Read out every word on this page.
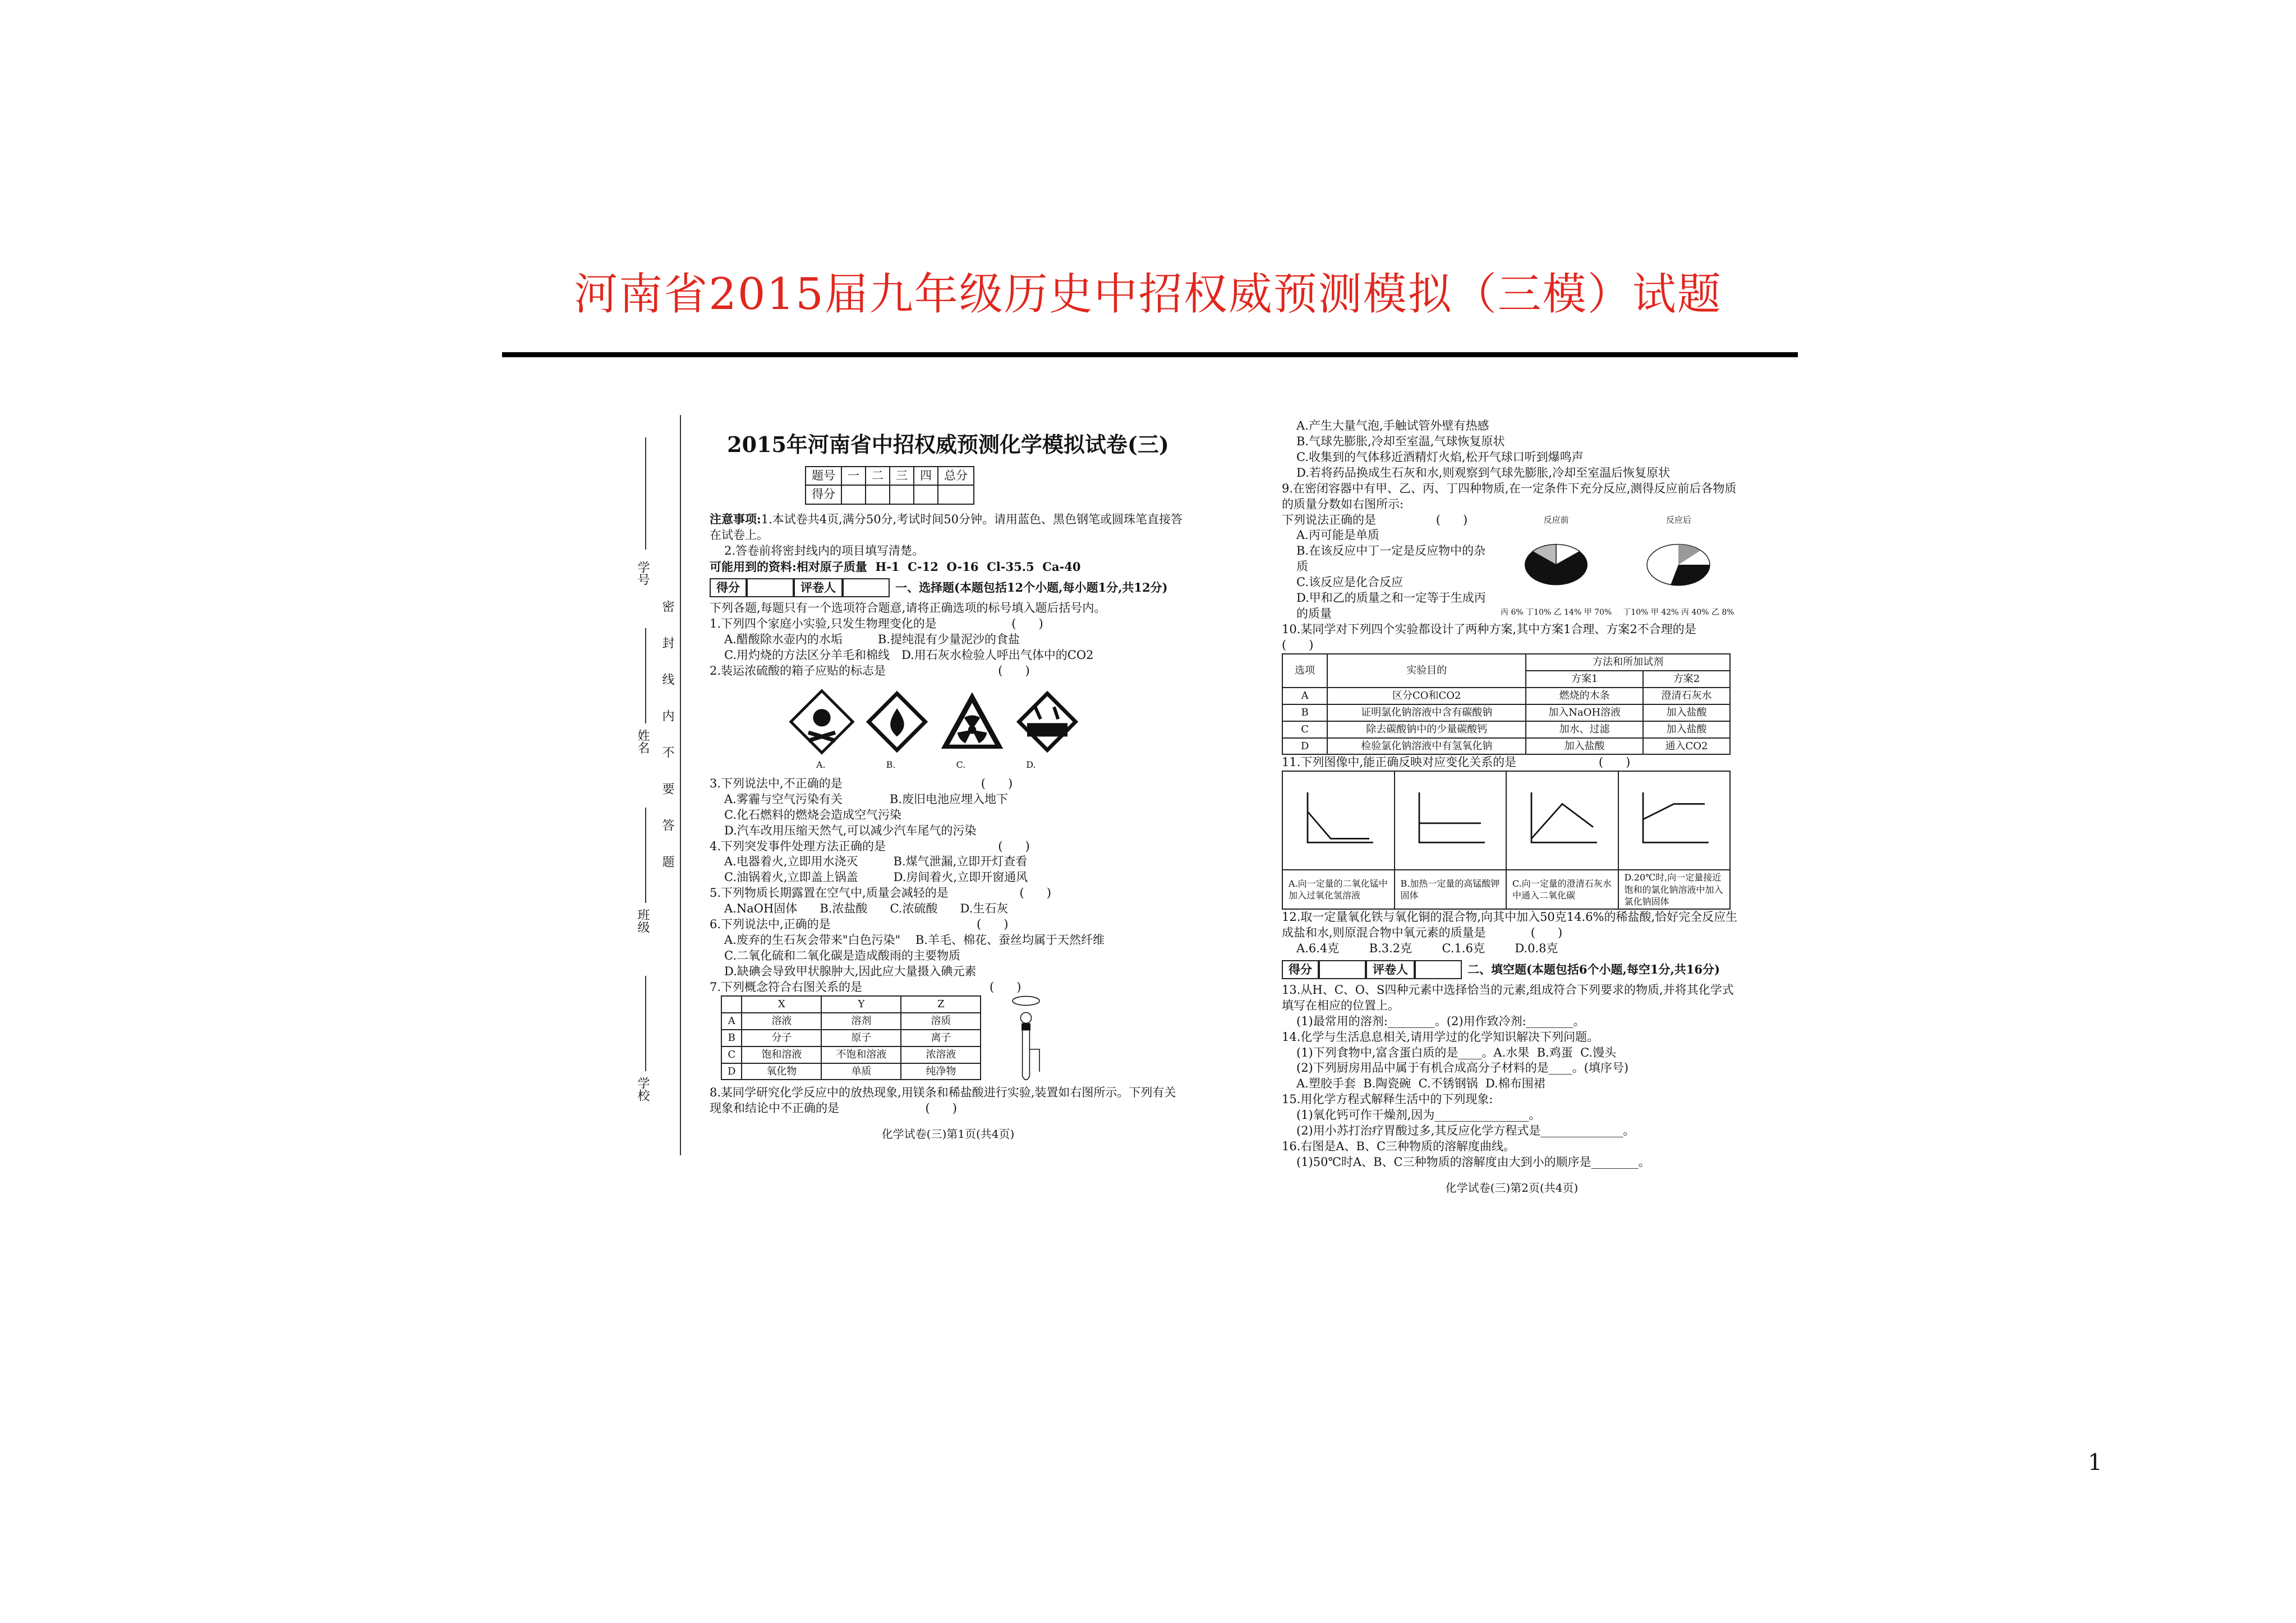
河南省2015届九年级历史中招权威预测模拟（三模）试题
学校
班级
姓名
学号
密 封 线 内 不 要 答 题
2015年河南省中招权威预测化学模拟试卷(三)
题号	一	二	三	四	总分
得分					

注意事项:1.本试卷共4页,满分50分,考试时间50分钟。请用蓝色、黑色钢笔或圆珠笔直接答在试卷上。

2.答卷前将密封线内的项目填写清楚。

可能用到的资料:相对原子质量  H-1  C-12  O-16  Cl-35.5  Ca-40

得分
	评卷人
	一、选择题(本题包括12个小题,每小题1分,共12分)

下列各题,每题只有一个选项符合题意,请将正确选项的标号填入题后括号内。

1.下列四个家庭小实验,只发生物理变化的是                    (      )

A.醋酸除水壶内的水垢   	B.提纯混有少量泥沙的食盐

C.用灼烧的方法区分羊毛和棉线  D.用石灰水检验人呼出气体中的CO2

2.装运浓硫酸的箱子应贴的标志是                              (      )

A.	B.	C.	D.

3.下列说法中,不正确的是                                     (      )

A.雾霾与空气污染有关    	B.废旧电池应埋入地下

C.化石燃料的燃烧会造成空气污染

D.汽车改用压缩天然气,可以减少汽车尾气的污染

4.下列突发事件处理方法正确的是                              (      )

A.电器着火,立即用水浇灭   	B.煤气泄漏,立即开灯查看

C.油锅着火,立即盖上锅盖   	D.房间着火,立即开窗通风

5.下列物质长期露置在空气中,质量会减轻的是                   (      )

A.NaOH固体      B.浓盐酸      C.浓硫酸      D.生石灰

6.下列说法中,正确的是                                       (      )

A.废弃的生石灰会带来"白色污染"    B.羊毛、棉花、蚕丝均属于天然纤维

C.二氧化硫和二氧化碳是造成酸雨的主要物质

D.缺碘会导致甲状腺肿大,因此应大量摄入碘元素

7.下列概念符合右图关系的是                                  (      )

	X	Y	Z
A	溶液	溶剂	溶质
B	分子	原子	离子
C	饱和溶液	不饱和溶液	浓溶液
D	氧化物	单质	纯净物

8.某同学研究化学反应中的放热现象,用镁条和稀盐酸进行实验,装置如右图所示。下列有关现象和结论中不正确的是                       (      )

化学试卷(三)第1页(共4页)

A.产生大量气泡,手触试管外壁有热感

B.气球先膨胀,冷却至室温,气球恢复原状

C.收集到的气体移近酒精灯火焰,松开气球口听到爆鸣声

D.若将药品换成生石灰和水,则观察到气球先膨胀,冷却至室温后恢复原状

9.在密闭容器中有甲、乙、丙、丁四种物质,在一定条件下充分反应,测得反应前后各物质的质量分数如右图所示:

下列说法正确的是                (      )

A.丙可能是单质

B.在该反应中丁一定是反应物中的杂质

C.该反应是化合反应

D.甲和乙的质量之和一定等于生成丙的质量

反应前
丙 6% 丁10% 乙 14% 甲 70%
反应后
丁10% 甲 42% 丙 40% 乙 8%

10.某同学对下列四个实验都设计了两种方案,其中方案1合理、方案2不合理的是                                                    (      )

选项	实验目的	方法和所加试剂	
		方案1	方案2
A	区分CO和CO2	燃烧的木条	澄清石灰水
B	证明氯化钠溶液中含有碳酸钠	加入NaOH溶液	加入盐酸
C	除去碳酸钠中的少量碳酸钙	加水、过滤	加入盐酸
D	检验氯化钠溶液中有氢氧化钠	加入盐酸	通入CO2

11.下列图像中,能正确反映对应变化关系的是                      (      )

A.向一定量的二氧化锰中加入过氧化氢溶液	B.加热一定量的高锰酸钾固体	C.向一定量的澄清石灰水中通入二氧化碳	D.20℃时,向一定量接近饱和的氯化钠溶液中加入氯化钠固体

12.取一定量氧化铁与氧化铜的混合物,向其中加入50克14.6%的稀盐酸,恰好完全反应生成盐和水,则原混合物中氧元素的质量是            (      )

A.6.4克        B.3.2克        C.1.6克        D.0.8克

得分
	评卷人
	二、填空题(本题包括6个小题,每空1分,共16分)

13.从H、C、O、S四种元素中选择恰当的元素,组成符合下列要求的物质,并将其化学式填写在相应的位置上。

(1)最常用的溶剂:________。(2)用作致冷剂:________。

14.化学与生活息息相关,请用学过的化学知识解决下列问题。

(1)下列食物中,富含蛋白质的是____。A.水果  B.鸡蛋  C.馒头

(2)下列厨房用品中属于有机合成高分子材料的是____。(填序号)

A.塑胶手套  B.陶瓷碗  C.不锈钢锅  D.棉布围裙

15.用化学方程式解释生活中的下列现象:

(1)氧化钙可作干燥剂,因为________________。

(2)用小苏打治疗胃酸过多,其反应化学方程式是______________。

16.右图是A、B、C三种物质的溶解度曲线。

(1)50℃时A、B、C三种物质的溶解度由大到小的顺序是________。

化学试卷(三)第2页(共4页)
1
